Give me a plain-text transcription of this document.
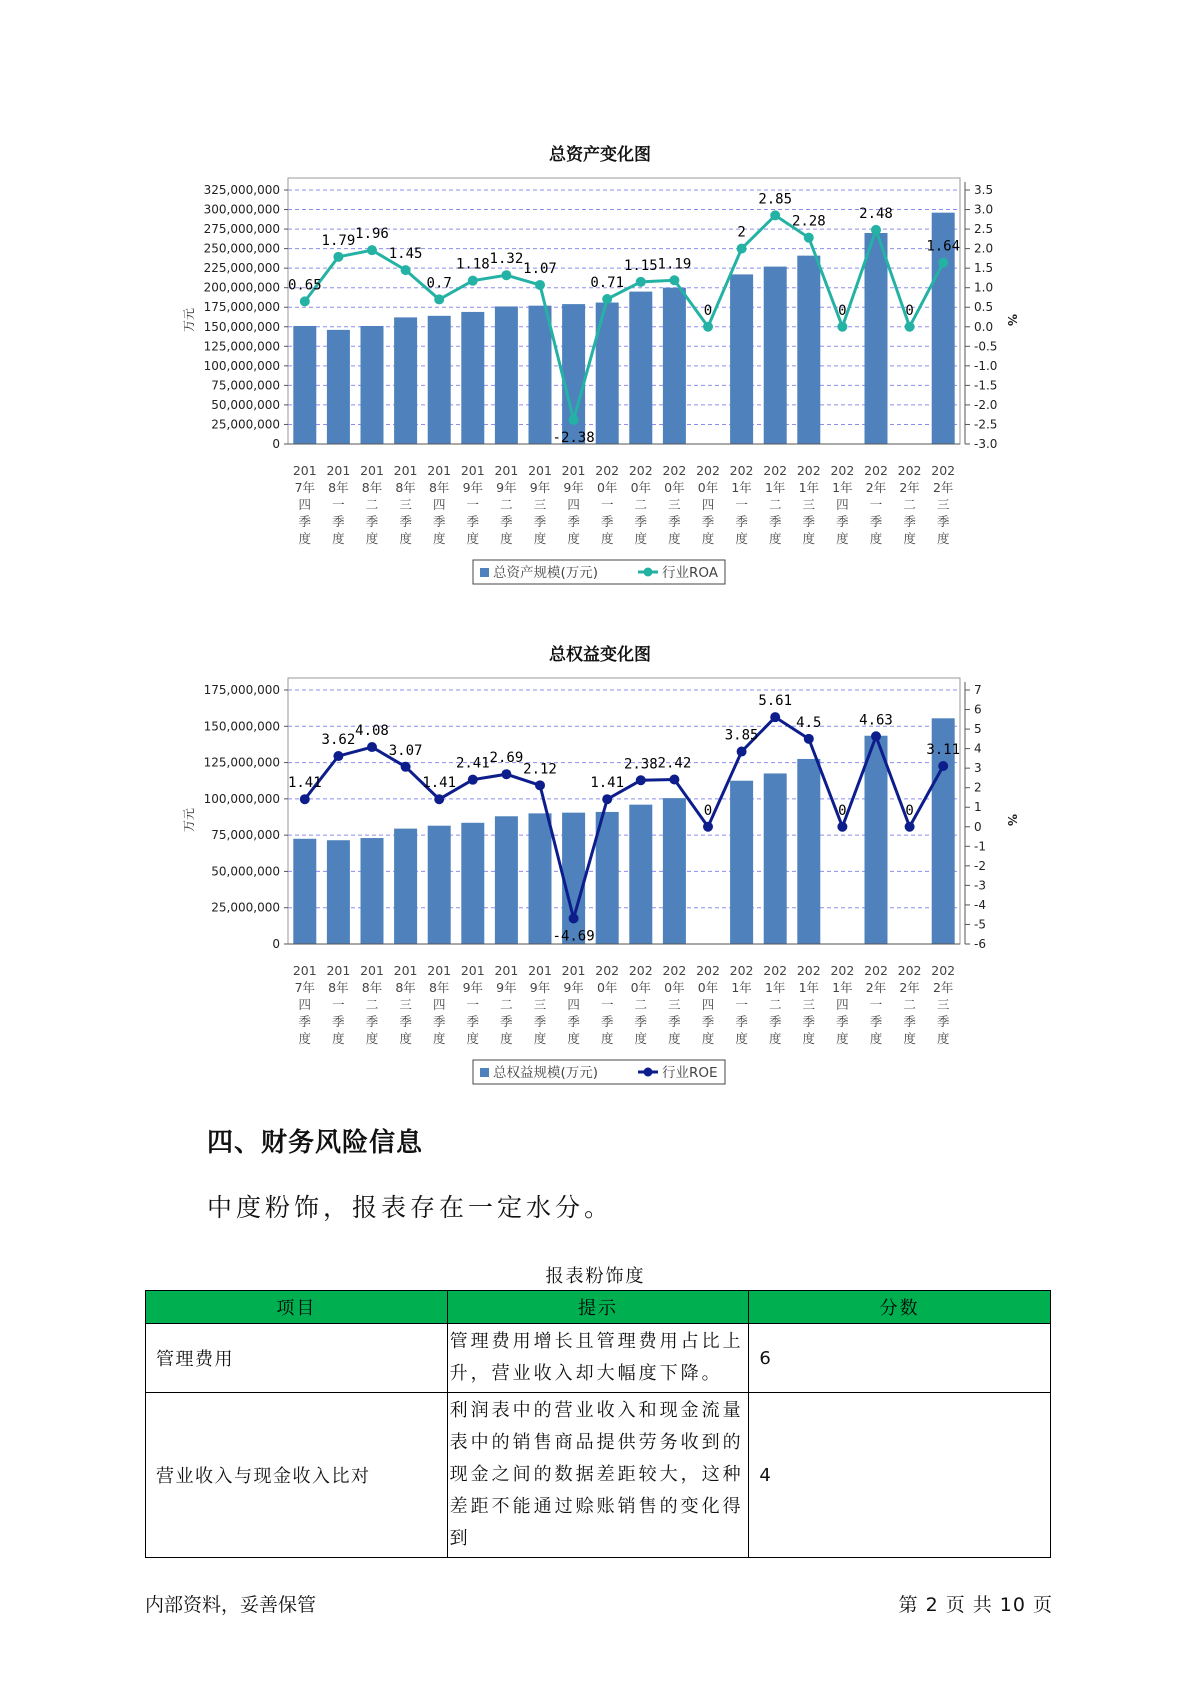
总资产变化图
325,000,000
300,000,000
275,000,000
250,000,000
225,000,000
200,000,000
175,000,000
150,000,000
125,000,000
100,000,000
75,000,000
50,000,000
25,000,000
0
3.5
3.0
2.5
2.0
1.5
1.0
0.5
0.0
-0.5
-1.0
-1.5
-2.0
-2.5
-3.0
万元	%
201 7年四季度
201 8年一季度
201 8年二季度
201 8年三季度
201 8年四季度
201 9年一季度
201 9年二季度
201 9年三季度
201 9年四季度
202 0年一季度
202 0年二季度
202 0年三季度
202 0年四季度
202 1年一季度
202 1年二季度
202 1年三季度
202 1年四季度
202 2年一季度
202 2年二季度
202 2年三季度
0.65
1.79 1.96
1.45
0.7
1.18 1.32
1.07
-2.38
0.71
1.15 1.19
0
2
2.85
2.28
0
2.48
0
1.64
总资产规模(万元)	行业ROA
总权益变化图
175,000,000
150,000,000
125,000,000
100,000,000
75,000,000
50,000,000
25,000,000
0
7
6
5
4
3
2
1
0
-1
-2
-3
-4
-5
-6
万元	%
201 7年四季度
201 8年一季度
201 8年二季度
201 8年三季度
201 8年四季度
201 9年一季度
201 9年二季度
201 9年三季度
201 9年四季度
202 0年一季度
202 0年二季度
202 0年三季度
202 0年四季度
202 1年一季度
202 1年二季度
202 1年三季度
202 1年四季度
202 2年一季度
202 2年二季度
202 2年三季度
1.41
3.62
4.08
3.07
1.41
2.41 2.69
2.12
-4.69
1.41
2.38 2.42
0
3.85
5.61
4.5
0
4.63
0
3.11
总权益规模(万元)	行业ROE
四、财务风险信息
中度粉饰，报表存在一定水分。
报表粉饰度
项目	提示	分数
管理费用	管理费用增长且管理费用占比上升，营业收入却大幅度下降。	6
营业收入与现金收入比对	利润表中的营业收入和现金流量表中的销售商品提供劳务收到的现金之间的数据差距较大，这种差距不能通过赊账销售的变化得到	4
内部资料，妥善保管	第 2 页 共 10 页
